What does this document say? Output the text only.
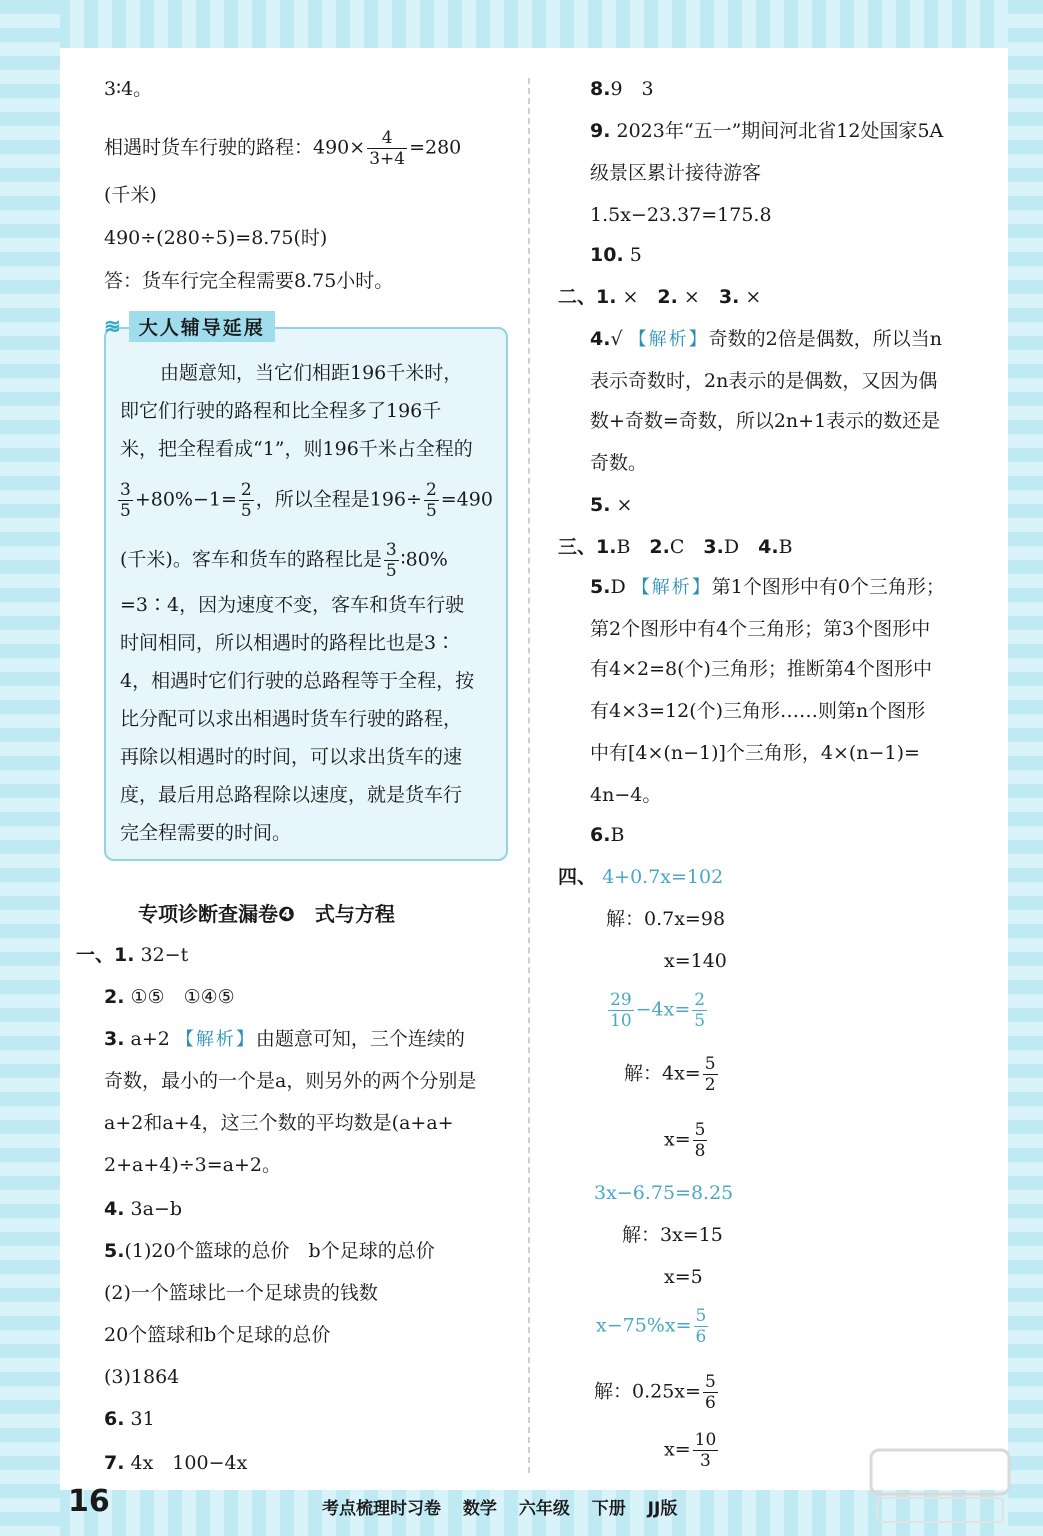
3∶4。
相遇时货车行驶的路程：$490\times \frac{4}{3+4} =280$
(千米)
490÷(280÷5)=8.75(时)
答：货车行完全程需要8.75小时。
≋ 大人辅导延展
由题意知，当它们相距196千米时，
即它们行驶的路程和比全程多了196千
米，把全程看成“1”，则196千米占全程的
$\frac{3}{5} +80\%-1= \frac{2}{5}$ ，所以全程是$196\div \frac{2}{5} =490$
(千米)。客车和货车的路程比是 $\frac{3}{5}$ ∶80%
=3∶4，因为速度不变，客车和货车行驶
时间相同，所以相遇时的路程比也是3∶
4，相遇时它们行驶的总路程等于全程，按
比分配可以求出相遇时货车行驶的路程，
再除以相遇时的时间，可以求出货车的速
度，最后用总路程除以速度，就是货车行
完全程需要的时间。
专项诊断查漏卷❹　式与方程
一、1. 32−t
2. ①⑤　①④⑤
3. a+2 【解析】由题意可知，三个连续的
奇数，最小的一个是a，则另外的两个分别是
a+2和a+4，这三个数的平均数是(a+a+
2+a+4)÷3=a+2。
4. 3a−b
5.(1)20个篮球的总价　b个足球的总价
(2)一个篮球比一个足球贵的钱数
20个篮球和b个足球的总价
(3)1864
6. 31
7. 4x　100−4x
8.9　3
9. 2023年“五一”期间河北省12处国家5A
级景区累计接待游客
1.5x−23.37=175.8
10. 5
二、1. ×　2. ×　3. ×
4.√ 【解析】奇数的2倍是偶数，所以当n
表示奇数时，2n表示的是偶数，又因为偶
数+奇数=奇数，所以2n+1表示的数还是
奇数。
5. ×
三、1.B　2.C　3.D　4.B
5.D 【解析】第1个图形中有0个三角形；
第2个图形中有4个三角形；第3个图形中
有4×2=8(个)三角形；推断第4个图形中
有4×3=12(个)三角形……则第n个图形
中有[4×(n−1)]个三角形，4×(n−1)=
4n−4。
6.B
四、 4+0.7x=102
解：0.7x=98
x=140
$\frac{29}{10} -4x= \frac{2}{5}$
解：$4x= \frac{5}{2}$
$x= \frac{5}{8}$
3x−6.75=8.25
解：3x=15
x=5
$x-75\%x= \frac{5}{6}$
解：$0.25x= \frac{5}{6}$
$x= \frac{10}{3}$
16	考点梳理时习卷 数学 六年级 下册 JJ版
